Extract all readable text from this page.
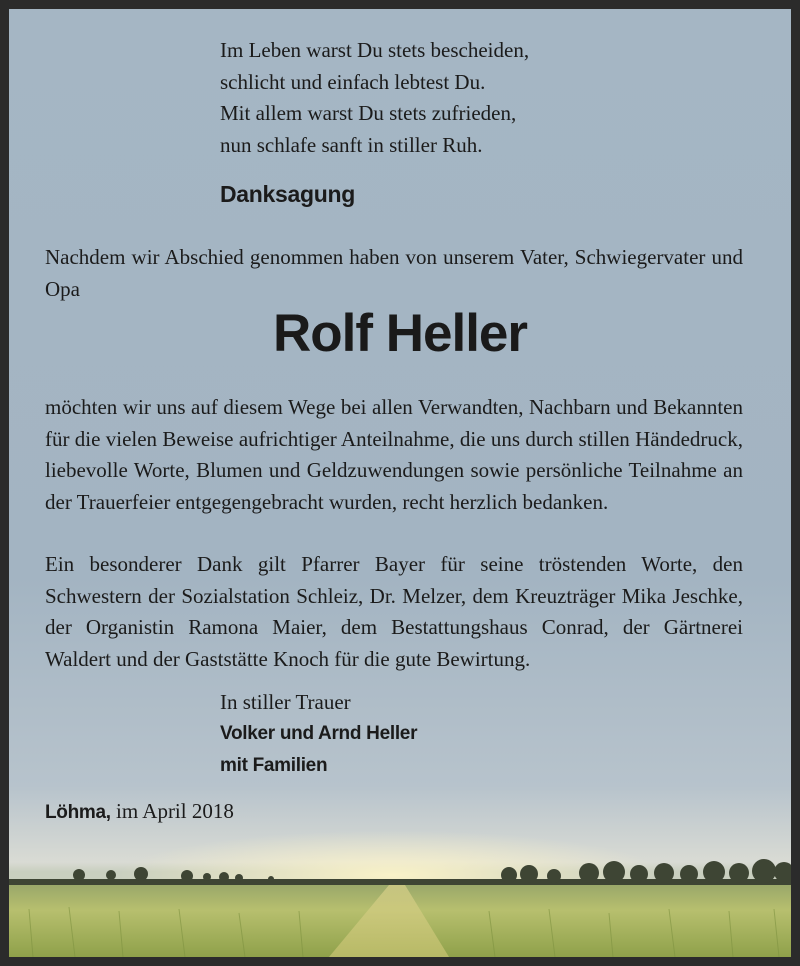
Im Leben warst Du stets bescheiden,
schlicht und einfach lebtest Du.
Mit allem warst Du stets zufrieden,
nun schlafe sanft in stiller Ruh.
Danksagung
Nachdem wir Abschied genommen haben von unserem Vater, Schwiegervater und Opa
Rolf Heller
möchten wir uns auf diesem Wege bei allen Verwandten, Nachbarn und Bekannten für die vielen Beweise aufrichtiger Anteilnahme, die uns durch stillen Händedruck, liebevolle Worte, Blumen und Geldzuwendungen sowie persönliche Teilnahme an der Trauerfeier entgegengebracht wurden, recht herzlich bedanken.
Ein besonderer Dank gilt Pfarrer Bayer für seine tröstenden Worte, den Schwestern der Sozialstation Schleiz, Dr. Melzer, dem Kreuzträger Mika Jeschke, der Organistin Ramona Maier, dem Bestattungshaus Conrad, der Gärtnerei Waldert und der Gaststätte Knoch für die gute Bewirtung.
In stiller Trauer
Volker und Arnd Heller
mit Familien
Löhma, im April 2018
